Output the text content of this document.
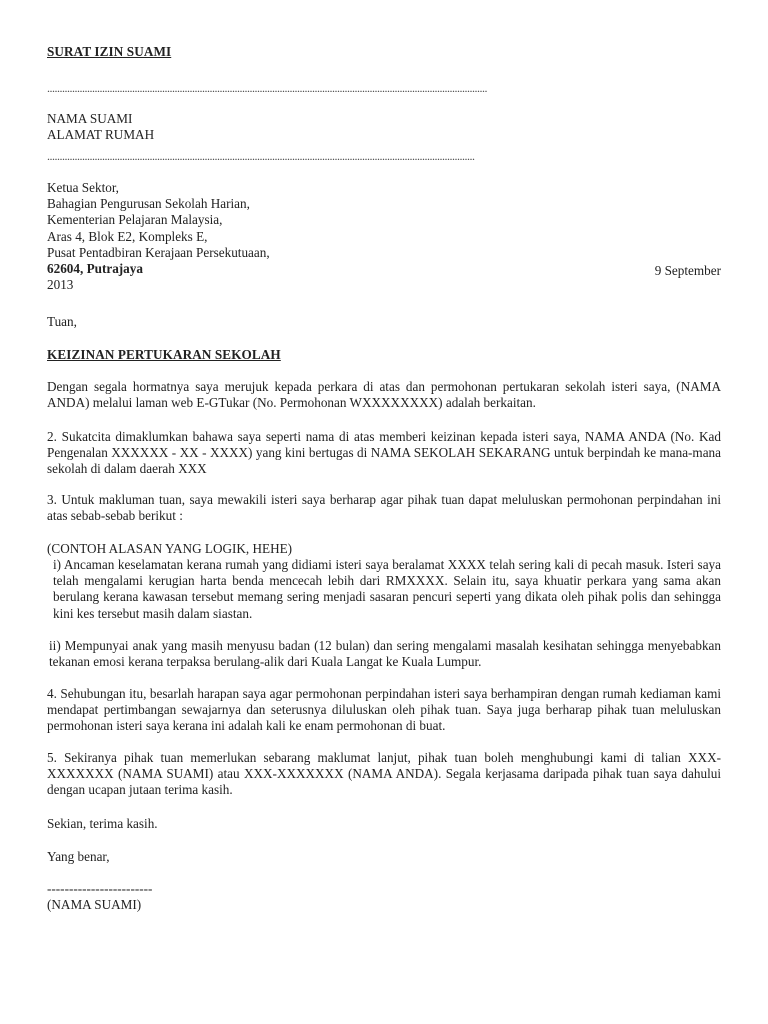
SURAT IZIN SUAMI
................................................................................................................................................................................
NAMA SUAMI
ALAMAT RUMAH
...........................................................................................................................................................................
Ketua Sektor,
Bahagian Pengurusan Sekolah Harian,
Kementerian Pelajaran Malaysia,
Aras 4, Blok E2, Kompleks E,
Pusat Pentadbiran Kerajaan Persekutuaan,
62604, Putrajaya
2013
9 September
Tuan,
KEIZINAN PERTUKARAN SEKOLAH

Dengan segala hormatnya saya merujuk kepada perkara di atas dan permohonan pertukaran sekolah isteri saya, (NAMA ANDA) melalui laman web E-GTukar (No. Permohonan WXXXXXXXX) adalah berkaitan.

2. Sukatcita dimaklumkan bahawa saya seperti nama di atas memberi keizinan kepada isteri saya, NAMA ANDA (No. Kad Pengenalan XXXXXX - XX - XXXX) yang kini bertugas di NAMA SEKOLAH SEKARANG untuk berpindah ke mana-mana sekolah di dalam daerah XXX

3. Untuk makluman tuan, saya mewakili isteri saya berharap agar pihak tuan dapat meluluskan permohonan perpindahan ini atas sebab-sebab berikut :

(CONTOH ALASAN YANG LOGIK, HEHE)

i) Ancaman keselamatan kerana rumah yang didiami isteri saya beralamat XXXX telah sering kali di pecah masuk. Isteri saya telah mengalami kerugian harta benda mencecah lebih dari RMXXXX. Selain itu, saya khuatir perkara yang sama akan berulang kerana kawasan tersebut memang sering menjadi sasaran pencuri seperti yang dikata oleh pihak polis dan sehingga kini kes tersebut masih dalam siastan.

ii) Mempunyai anak yang masih menyusu badan (12 bulan) dan sering mengalami masalah kesihatan sehingga menyebabkan tekanan emosi kerana terpaksa berulang-alik dari Kuala Langat ke Kuala Lumpur.

4. Sehubungan itu, besarlah harapan saya agar permohonan perpindahan isteri saya berhampiran dengan rumah kediaman kami mendapat pertimbangan sewajarnya dan seterusnya diluluskan oleh pihak tuan. Saya juga berharap pihak tuan meluluskan permohonan isteri saya kerana ini adalah kali ke enam permohonan di buat.

5. Sekiranya pihak tuan memerlukan sebarang maklumat lanjut, pihak tuan boleh menghubungi kami di talian XXX-XXXXXXX (NAMA SUAMI) atau XXX-XXXXXXX (NAMA ANDA). Segala kerjasama daripada pihak tuan saya dahului dengan ucapan jutaan terima kasih.

Sekian, terima kasih.
Yang benar,
------------------------
(NAMA SUAMI)
